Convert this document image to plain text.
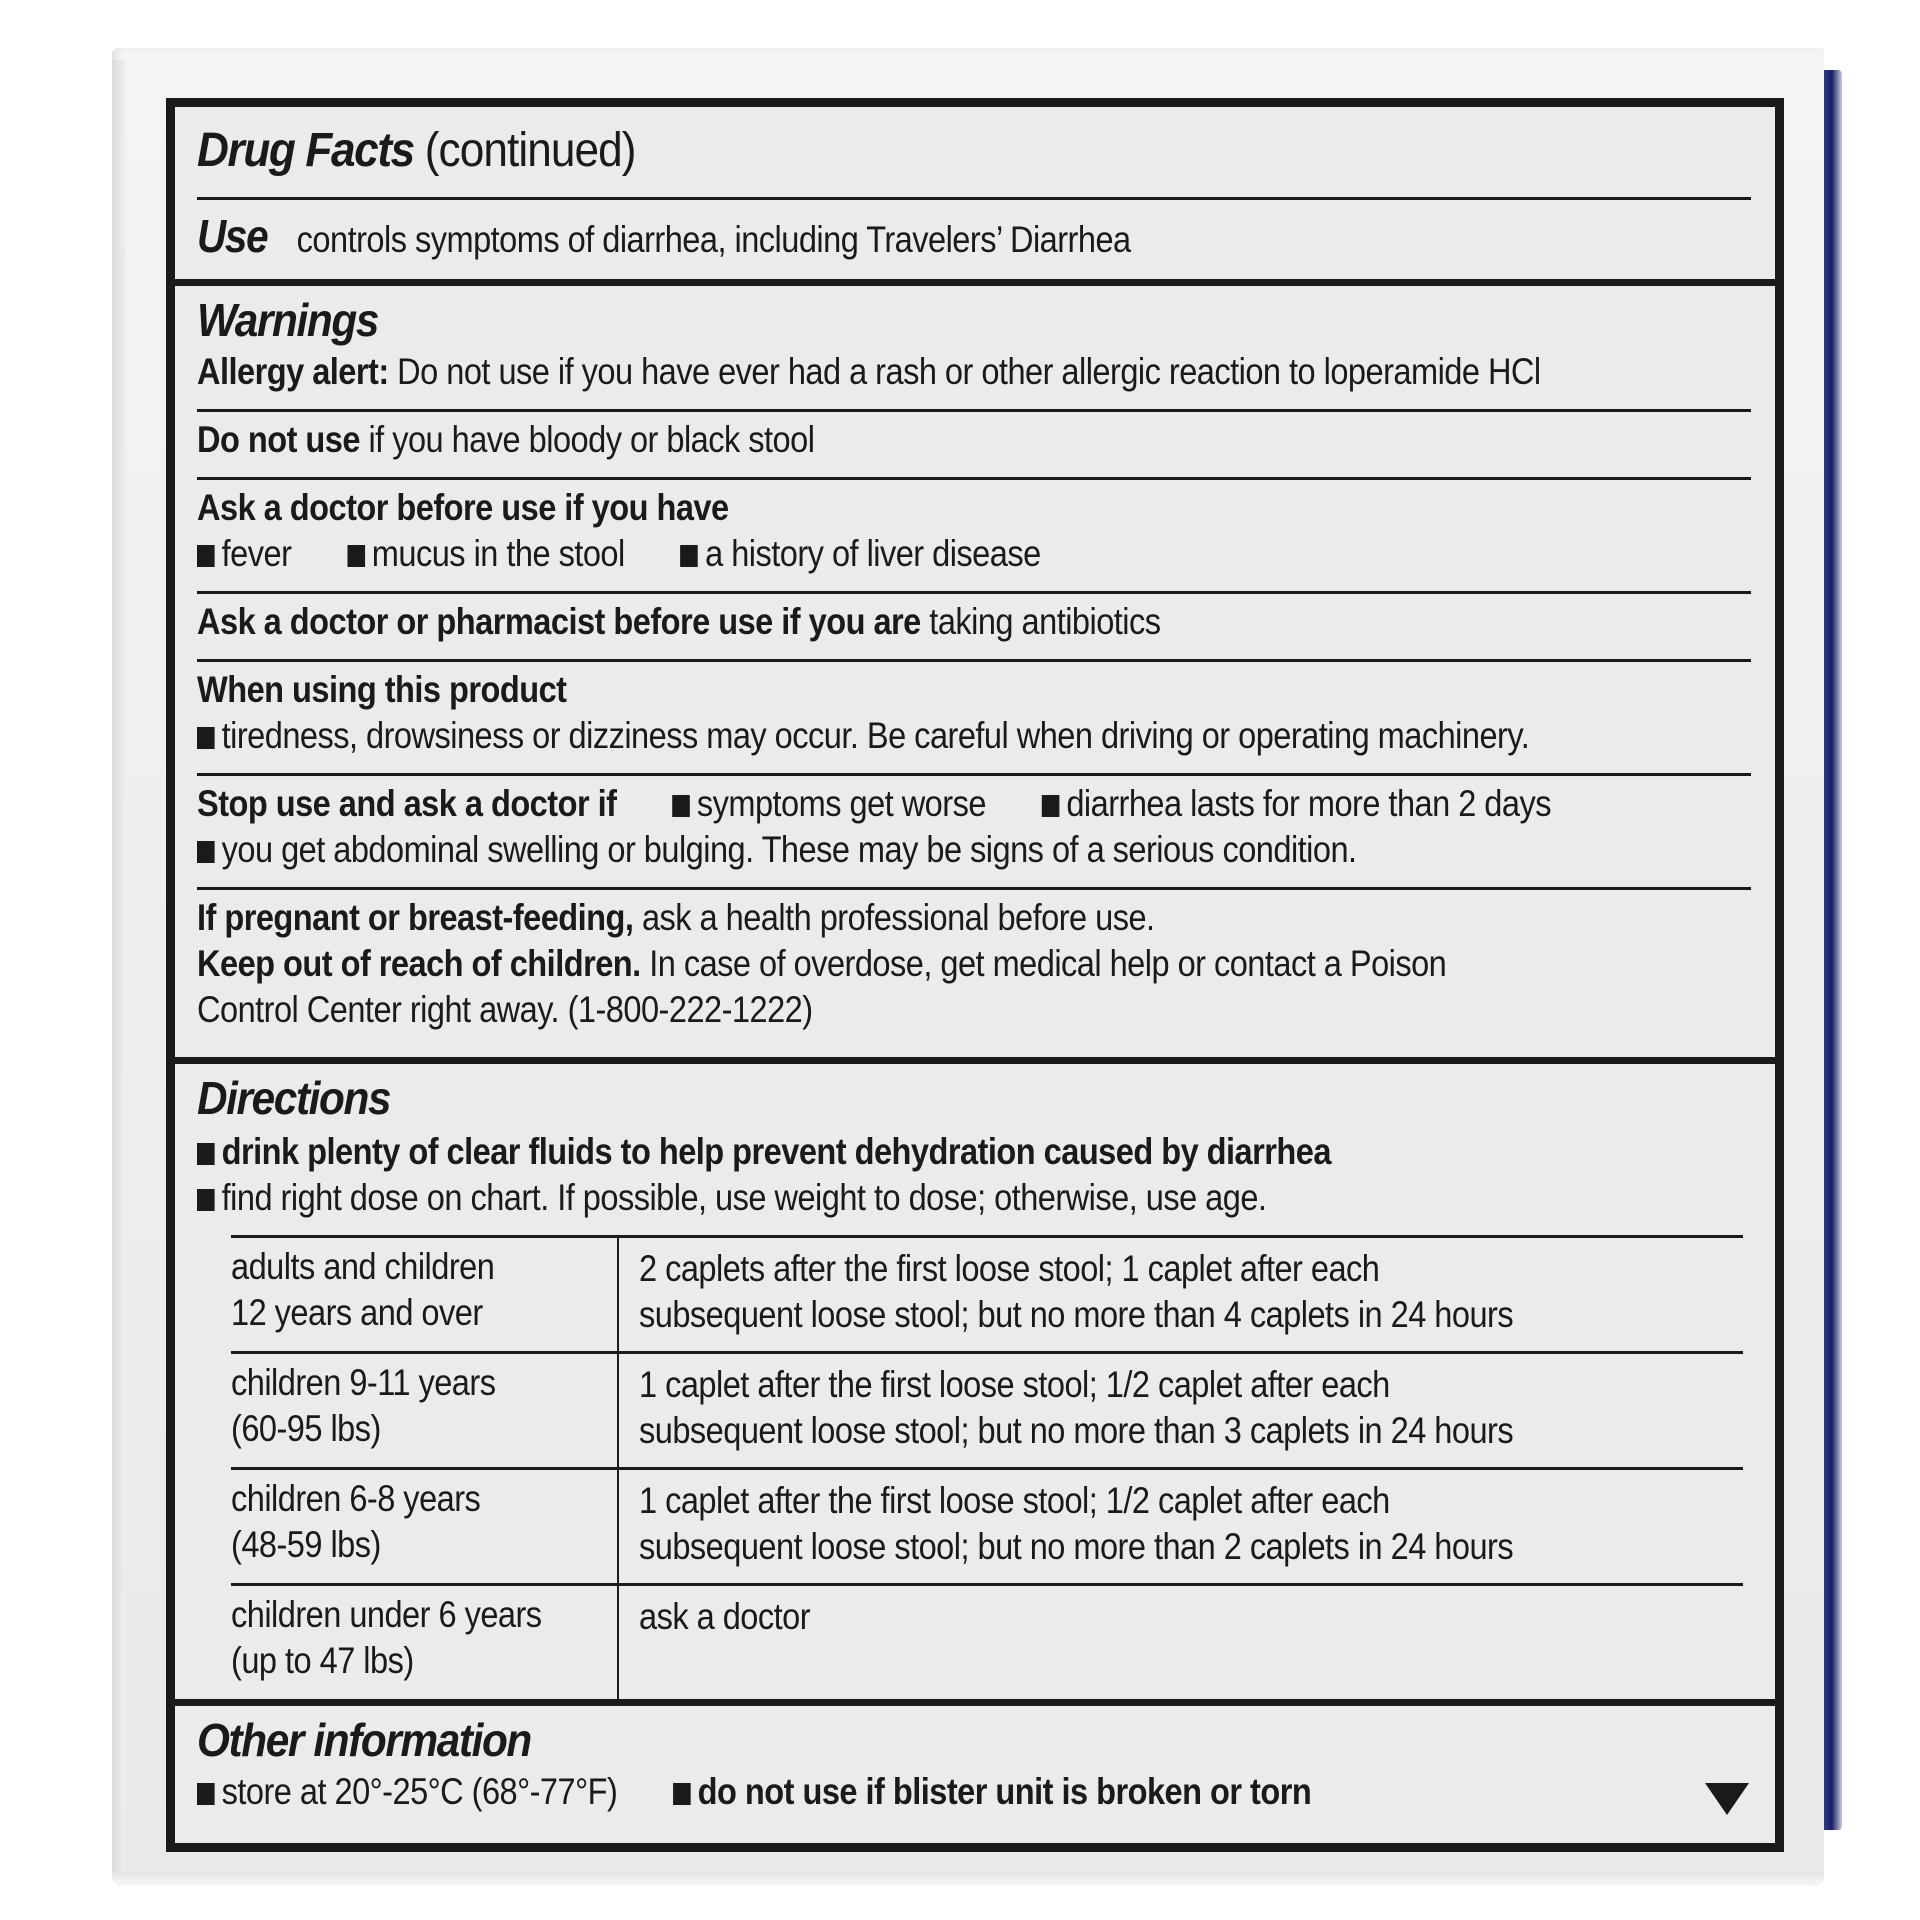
Drug Facts (continued)
Use controls symptoms of diarrhea, including Travelers’ Diarrhea
Warnings
Allergy alert: Do not use if you have ever had a rash or other allergic reaction to loperamide HCl
Do not use if you have bloody or black stool
Ask a doctor before use if you have
fever mucus in the stool a history of liver disease
Ask a doctor or pharmacist before use if you are taking antibiotics
When using this product
tiredness, drowsiness or dizziness may occur. Be careful when driving or operating machinery.
Stop use and ask a doctor if symptoms get worse diarrhea lasts for more than 2 days
you get abdominal swelling or bulging. These may be signs of a serious condition.
If pregnant or breast-feeding, ask a health professional before use.
Keep out of reach of children. In case of overdose, get medical help or contact a Poison
Control Center right away. (1-800-222-1222)
Directions
drink plenty of clear fluids to help prevent dehydration caused by diarrhea
find right dose on chart. If possible, use weight to dose; otherwise, use age.
adults and children
12 years and over
2 caplets after the first loose stool; 1 caplet after each
subsequent loose stool; but no more than 4 caplets in 24 hours
children 9-11 years
(60-95 lbs)
1 caplet after the first loose stool; 1/2 caplet after each
subsequent loose stool; but no more than 3 caplets in 24 hours
children 6-8 years
(48-59 lbs)
1 caplet after the first loose stool; 1/2 caplet after each
subsequent loose stool; but no more than 2 caplets in 24 hours
children under 6 years
(up to 47 lbs)
ask a doctor
Other information
store at 20°-25°C (68°-77°F) do not use if blister unit is broken or torn
